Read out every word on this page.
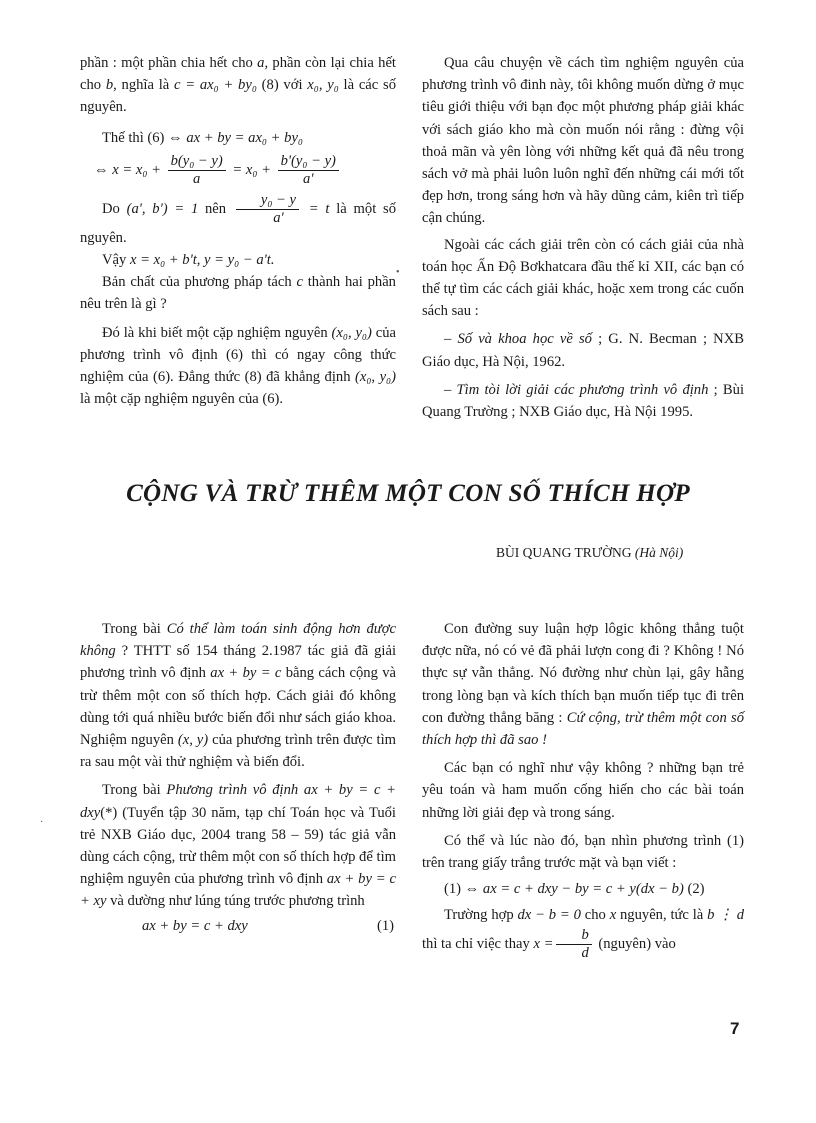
phần : một phần chia hết cho a, phần còn lại chia hết cho b, nghĩa là c = ax₀ + by₀ (8) với x₀, y₀ là các số nguyên.

Thế thì (6) ⇔ ax + by = ax₀ + by₀

⇔ $x = x_0 + \frac{\text{b(y₀ − y)}}{a} = x_0 + \frac{\text{b'(y₀ − y)}}{a'}$

Do (a', b') = 1 nên $\frac{\text{y₀ − y}}{a'} = t$ là một số nguyên.

Vậy x = x₀ + b't, y = y₀ − a't.

Bản chất của phương pháp tách c thành hai phần nêu trên là gì ?

Đó là khi biết một cặp nghiệm nguyên (x₀, y₀) của phương trình vô định (6) thì có ngay công thức nghiệm của (6). Đẳng thức (8) đã khẳng định (x₀, y₀) là một cặp nghiệm nguyên của (6).

Qua câu chuyện về cách tìm nghiệm nguyên của phương trình vô đinh này, tôi không muốn dừng ở mục tiêu giới thiệu với bạn đọc một phương pháp giải khác với sách giáo kho mà còn muốn nói rằng : đừng vội thoả mãn và yên lòng với những kết quả đã nêu trong sách vở mà phải luôn luôn nghĩ đến những cái mới tốt đẹp hơn, trong sáng hơn và hãy dũng cảm, kiên trì tiếp cận chúng.

Ngoài các cách giải trên còn có cách giải của nhà toán học Ấn Độ Bơkhatcara đầu thế kỉ XII, các bạn có thể tự tìm các cách giải khác, hoặc xem trong các cuốn sách sau :

– Số và khoa học về số ; G. N. Becman ; NXB Giáo dục, Hà Nội, 1962.

– Tìm tòi lời giải các phương trình vô định ; Bùi Quang Trường ; NXB Giáo dục, Hà Nội 1995.

CỘNG VÀ TRỪ THÊM MỘT CON SỐ THÍCH HỢP
BÙI QUANG TRƯỜNG (Hà Nội)

Trong bài Có thể làm toán sinh động hơn được không ? THTT số 154 tháng 2.1987 tác giả đã giải phương trình vô định ax + by = c bằng cách cộng và trừ thêm một con số thích hợp. Cách giải đó không dùng tới quá nhiều bước biến đổi như sách giáo khoa. Nghiệm nguyên (x, y) của phương trình trên được tìm ra sau một vài thử nghiệm và biến đổi.

Trong bài Phương trình vô định ax + by = c + dxy(*) (Tuyển tập 30 năm, tạp chí Toán học và Tuổi trẻ NXB Giáo dục, 2004 trang 58 – 59) tác giả vẫn dùng cách cộng, trừ thêm một con số thích hợp để tìm nghiệm nguyên của phương trình vô định ax + by = c + xy và dường như lúng túng trước phương trình

ax + by = c + dxy	(1)

Con đường suy luận hợp lôgic không thẳng tuột được nữa, nó có vẻ đã phải lượn cong đi ? Không ! Nó thực sự vẫn thẳng. Nó đường như chùn lại, gây hẫng trong lòng bạn và kích thích bạn muốn tiếp tục đi trên con đường thẳng băng : Cứ cộng, trừ thêm một con số thích hợp thì đã sao !

Các bạn có nghĩ như vậy không ? những bạn trẻ yêu toán và ham muốn cống hiến cho các bài toán những lời giải đẹp và trong sáng.

Có thể và lúc nào đó, bạn nhìn phương trình (1) trên trang giấy trắng trước mặt và bạn viết :

(1) ⇔ ax = c + dxy − by = c + y(dx − b) (2)

Trường hợp dx − b = 0 cho x nguyên, tức là b ⋮ d thì ta chỉ việc thay $x = \frac{b}{d}$ (nguyên) vào

•
·
7
